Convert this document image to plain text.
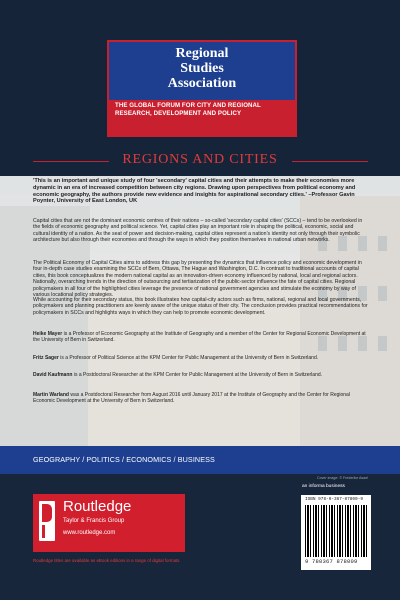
Regional
Studies
Association
THE GLOBAL FORUM FOR CITY AND REGIONAL RESEARCH, DEVELOPMENT AND POLICY
REGIONS AND CITIES

'This is an important and unique study of four 'secondary' capital cities and their attempts to make their economies more dynamic in an era of increased competition between city regions. Drawing upon perspectives from political economy and economic geography, the authors provide new evidence and insights for aspirational secondary cities.' –Professor Gavin Poynter, University of East London, UK

Capital cities that are not the dominant economic centres of their nations – so-called 'secondary capital cities' (SCCs) – tend to be overlooked in the fields of economic geography and political science. Yet, capital cities play an important role in shaping the political, economic, social and cultural identity of a nation. As the seat of power and decision-making, capital cities represent a nation's identity not only through their symbolic architecture but also through their economies and through the ways in which they position themselves in national urban networks.

The Political Economy of Capital Cities aims to address this gap by presenting the dynamics that influence policy and economic development in four in-depth case studies examining the SCCs of Bern, Ottawa, The Hague and Washington, D.C. In contrast to traditional accounts of capital cities, this book conceptualizes the modern national capital as an innovation-driven economy influenced by national, local and regional actors. Nationally, overarching trends in the direction of outsourcing and tertiarization of the public-sector influence the fate of capital cities. Regional policymakers in all four of the highlighted cities leverage the presence of national government agencies and stimulate the economy by way of various locational policy strategies.

While accounting for their secondary status, this book illustrates how capital-city actors such as firms, national, regional and local governments, policymakers and planning practitioners are keenly aware of the unique status of their city. The conclusion provides practical recommendations for policymakers in SCCs and highlights ways in which they can help to promote economic development.

Heike Mayer is a Professor of Economic Geography at the Institute of Geography and a member of the Center for Regional Economic Development at the University of Bern in Switzerland.

Fritz Sager is a Professor of Political Science at the KPM Center for Public Management at the University of Bern in Switzerland.

David Kaufmann is a Postdoctoral Researcher at the KPM Center for Public Management at the University of Bern in Switzerland.

Martin Warland was a Postdoctoral Researcher from August 2016 until January 2017 at the Institute of Geography and the Center for Regional Economic Development at the University of Bern in Switzerland.

GEOGRAPHY / POLITICS / ECONOMICS / BUSINESS
Routledge
Taylor & Francis Group
www.routledge.com
Routledge titles are available as eBook editions in a range of digital formats
an informa business
ISBN 978-0-367-87800-9
9 780367 878009
Cover image: © Frederike Asael
